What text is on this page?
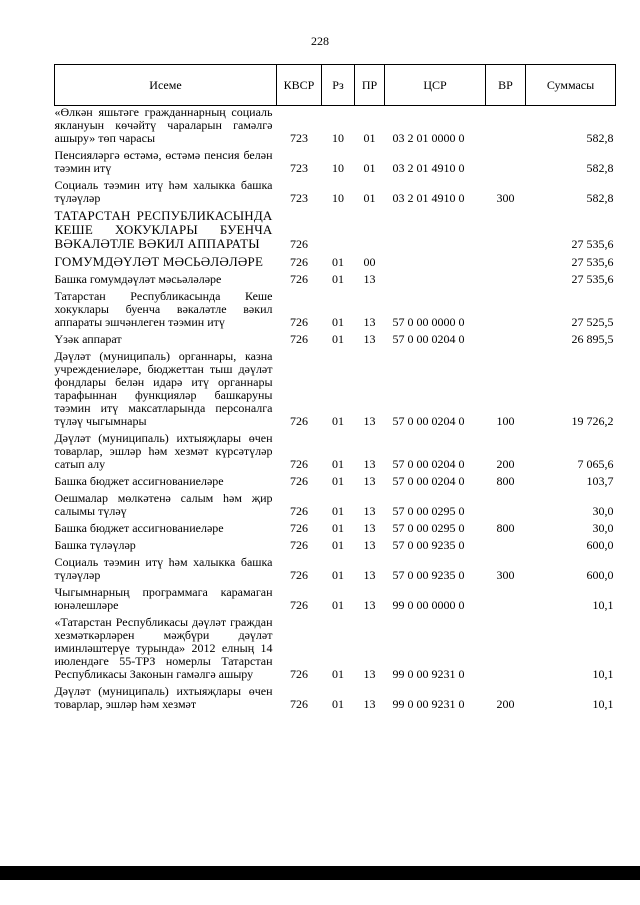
228
Исеме	КВСР	Рз	ПР	ЦСР	ВР	Суммасы
«Өлкән яшьтәге гражданнарның социаль яклануын көчәйтү чараларын гамәлгә ашыру» төп чарасы	723	10	01	03 2 01 0000 0		582,8
Пенсияләргә өстәмә, өстәмә пенсия белән тәэмин итү	723	10	01	03 2 01 4910 0		582,8
Социаль тәэмин итү һәм халыкка башка түләүләр	723	10	01	03 2 01 4910 0	300	582,8
ТАТАРСТАН РЕСПУБЛИКАСЫНДА КЕШЕ ХОКУКЛАРЫ БУЕНЧА ВӘКАЛӘТЛЕ ВӘКИЛ АППАРАТЫ	726					27 535,6
ГОМУМДӘҮЛӘТ МӘСЬӘЛӘЛӘРЕ	726	01	00			27 535,6
Башка гомумдәүләт мәсьәләләре	726	01	13			27 535,6
Татарстан Республикасында Кеше хокуклары буенча вәкаләтле вәкил аппараты эшчәнлеген тәэмин итү	726	01	13	57 0 00 0000 0		27 525,5
Үзәк аппарат	726	01	13	57 0 00 0204 0		26 895,5
Дәүләт (муниципаль) органнары, казна учреждениеләре, бюджеттан тыш дәүләт фондлары белән идарә итү органнары тарафыннан функцияләр башкаруны тәэмин итү максатларында персоналга түләү чыгымнары	726	01	13	57 0 00 0204 0	100	19 726,2
Дәүләт (муниципаль) ихтыяҗлары өчен товарлар, эшләр һәм хезмәт күрсәтүләр сатып алу	726	01	13	57 0 00 0204 0	200	7 065,6
Башка бюджет ассигнованиеләре	726	01	13	57 0 00 0204 0	800	103,7
Оешмалар мөлкәтенә салым һәм җир салымы түләү	726	01	13	57 0 00 0295 0		30,0
Башка бюджет ассигнованиеләре	726	01	13	57 0 00 0295 0	800	30,0
Башка түләүләр	726	01	13	57 0 00 9235 0		600,0
Социаль тәэмин итү һәм халыкка башка түләүләр	726	01	13	57 0 00 9235 0	300	600,0
Чыгымнарның программага карамаган юнәлешләре	726	01	13	99 0 00 0000 0		10,1
«Татарстан Республикасы дәүләт граждан хезмәткәрләрен мәҗбүри дәүләт иминләштерүе турында» 2012 елның 14 июлендәге 55-ТРЗ номерлы Татарстан Республикасы Законын гамәлгә ашыру	726	01	13	99 0 00 9231 0		10,1
Дәүләт (муниципаль) ихтыяҗлары өчен товарлар, эшләр һәм хезмәт	726	01	13	99 0 00 9231 0	200	10,1
